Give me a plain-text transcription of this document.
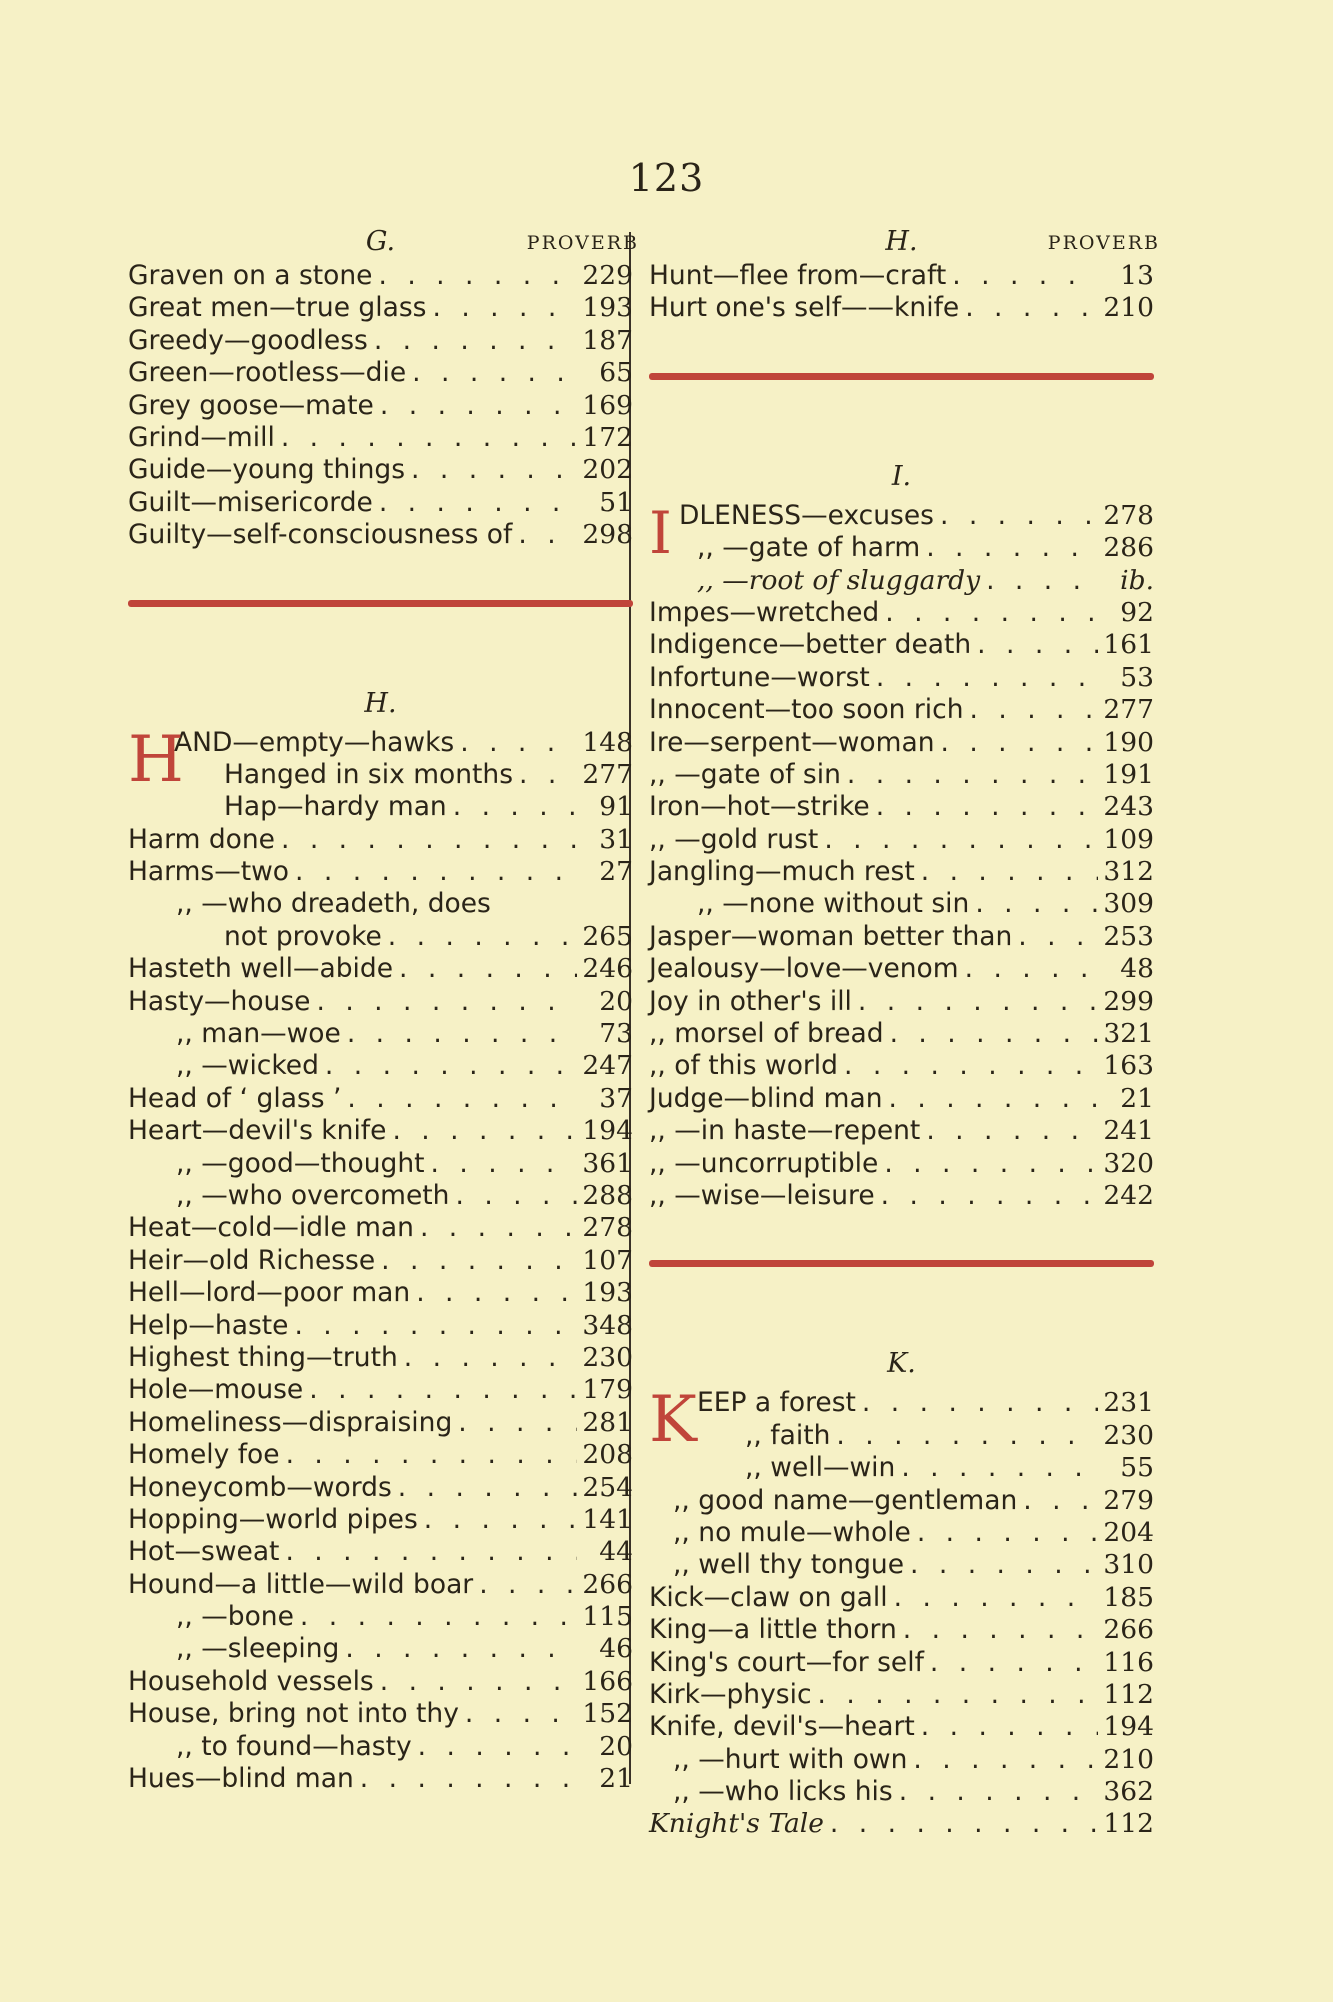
123
G.	PROVERB
Graven on a stone . . .	229
Great men—true glass . . .	193
Greedy—goodless . . .	187
Green—rootless—die . . .	65
Grey goose—mate . . .	169
Grind—mill . . .	172
Guide—young things . . .	202
Guilt—misericorde . . .	51
Guilty—self-consciousness of . . .	298
H.
H
AND—empty—hawks . . .	148
Hanged in six months . . .	277
Hap—hardy man . . .	91
Harm done . . .	31
Harms—two . . .	27
,, —who dreadeth, does
not provoke . . .	265
Hasteth well—abide . . .	246
Hasty—house . . .	20
,, man—woe . . .	73
,, —wicked . . .	247
Head of ‘ glass ’ . . .	37
Heart—devil's knife . . .	194
,, —good—thought . . .	361
,, —who overcometh . . .	288
Heat—cold—idle man . . .	278
Heir—old Richesse . . .	107
Hell—lord—poor man . . .	193
Help—haste . . .	348
Highest thing—truth . . .	230
Hole—mouse . . .	179
Homeliness—dispraising . . .	281
Homely foe . . .	208
Honeycomb—words . . .	254
Hopping—world pipes . . .	141
Hot—sweat . . .	44
Hound—a little—wild boar . . .	266
,, —bone . . .	115
,, —sleeping . . .	46
Household vessels . . .	166
House, bring not into thy . . .	152
,, to found—hasty . . .	20
Hues—blind man . . .	21
H.	PROVERB
Hunt—flee from—craft . . .	13
Hurt one's self——knife . . .	210
I.
I DLENESS—excuses . . .	278
,, —gate of harm . . .	286
,, —root of sluggardy . . .	ib.
Impes—wretched . . .	92
Indigence—better death . . .	161
Infortune—worst . . .	53
Innocent—too soon rich . . .	277
Ire—serpent—woman . . .	190
,, —gate of sin . . .	191
Iron—hot—strike . . .	243
,, —gold rust . . .	109
Jangling—much rest . . .	312
,, —none without sin . . .	309
Jasper—woman better than . . .	253
Jealousy—love—venom . . .	48
Joy in other's ill . . .	299
,, morsel of bread . . .	321
,, of this world . . .	163
Judge—blind man . . .	21
,, —in haste—repent . . .	241
,, —uncorruptible . . .	320
,, —wise—leisure . . .	242
K.
K EEP a forest . . .	231
,, faith . . .	230
,, well—win . . .	55
,, good name—gentleman . . .	279
,, no mule—whole . . .	204
,, well thy tongue . . .	310
Kick—claw on gall . . .	185
King—a little thorn . . .	266
King's court—for self . . .	116
Kirk—physic . . .	112
Knife, devil's—heart . . .	194
,, —hurt with own . . .	210
,, —who licks his . . .	362
Knight's Tale . . .	112
